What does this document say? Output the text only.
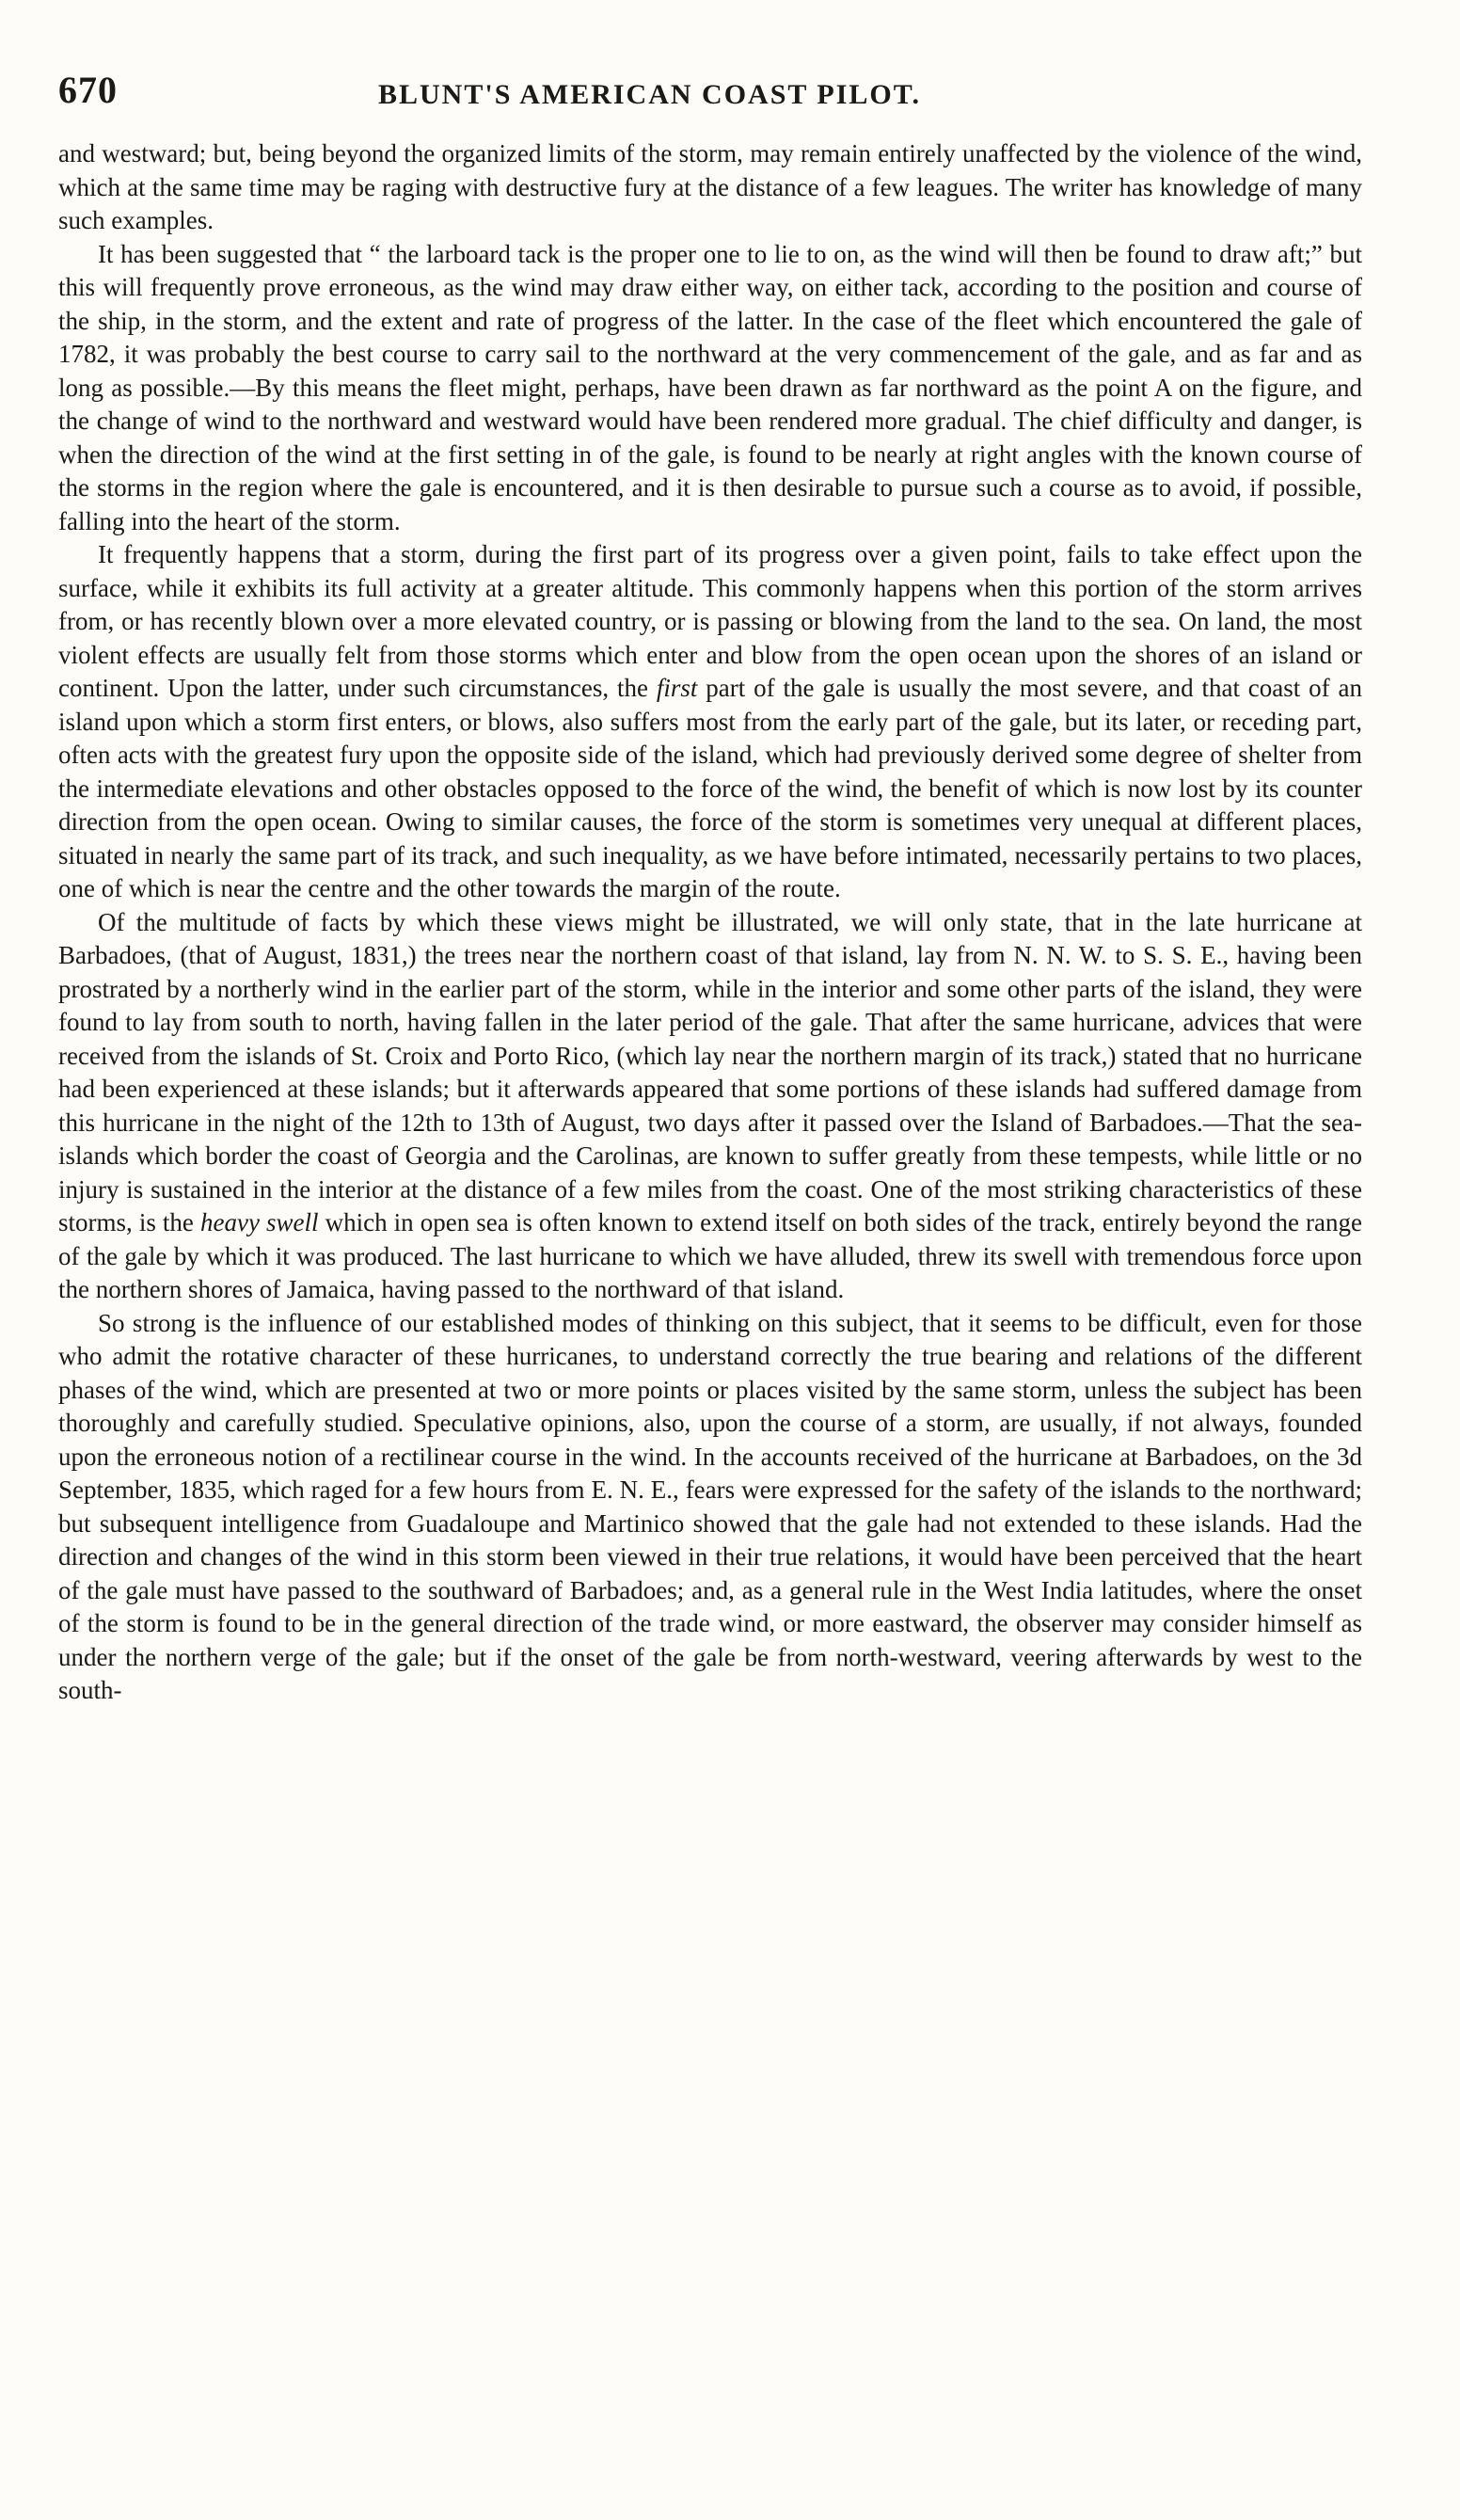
670	BLUNT'S AMERICAN COAST PILOT.

and westward; but, being beyond the organized limits of the storm, may remain entirely unaffected by the violence of the wind, which at the same time may be raging with destructive fury at the distance of a few leagues. The writer has knowledge of many such examples.

It has been suggested that “ the larboard tack is the proper one to lie to on, as the wind will then be found to draw aft;” but this will frequently prove erroneous, as the wind may draw either way, on either tack, according to the position and course of the ship, in the storm, and the extent and rate of progress of the latter. In the case of the fleet which encountered the gale of 1782, it was probably the best course to carry sail to the northward at the very commencement of the gale, and as far and as long as possible.—By this means the fleet might, perhaps, have been drawn as far northward as the point A on the figure, and the change of wind to the northward and westward would have been rendered more gradual. The chief difficulty and danger, is when the direction of the wind at the first setting in of the gale, is found to be nearly at right angles with the known course of the storms in the region where the gale is encountered, and it is then desirable to pursue such a course as to avoid, if possible, falling into the heart of the storm.

It frequently happens that a storm, during the first part of its progress over a given point, fails to take effect upon the surface, while it exhibits its full activity at a greater altitude. This commonly happens when this portion of the storm arrives from, or has recently blown over a more elevated country, or is passing or blowing from the land to the sea. On land, the most violent effects are usually felt from those storms which enter and blow from the open ocean upon the shores of an island or continent. Upon the latter, under such circumstances, the first part of the gale is usually the most severe, and that coast of an island upon which a storm first enters, or blows, also suffers most from the early part of the gale, but its later, or receding part, often acts with the greatest fury upon the opposite side of the island, which had previously derived some degree of shelter from the intermediate elevations and other obstacles opposed to the force of the wind, the benefit of which is now lost by its counter direction from the open ocean. Owing to similar causes, the force of the storm is sometimes very unequal at different places, situated in nearly the same part of its track, and such inequality, as we have before intimated, necessarily pertains to two places, one of which is near the centre and the other towards the margin of the route.

Of the multitude of facts by which these views might be illustrated, we will only state, that in the late hurricane at Barbadoes, (that of August, 1831,) the trees near the northern coast of that island, lay from N. N. W. to S. S. E., having been prostrated by a northerly wind in the earlier part of the storm, while in the interior and some other parts of the island, they were found to lay from south to north, having fallen in the later period of the gale. That after the same hurricane, advices that were received from the islands of St. Croix and Porto Rico, (which lay near the northern margin of its track,) stated that no hurricane had been experienced at these islands; but it afterwards appeared that some portions of these islands had suffered damage from this hurricane in the night of the 12th to 13th of August, two days after it passed over the Island of Barbadoes.—That the sea-islands which border the coast of Georgia and the Carolinas, are known to suffer greatly from these tempests, while little or no injury is sustained in the interior at the distance of a few miles from the coast. One of the most striking characteristics of these storms, is the heavy swell which in open sea is often known to extend itself on both sides of the track, entirely beyond the range of the gale by which it was produced. The last hurricane to which we have alluded, threw its swell with tremendous force upon the northern shores of Jamaica, having passed to the northward of that island.

So strong is the influence of our established modes of thinking on this subject, that it seems to be difficult, even for those who admit the rotative character of these hurricanes, to understand correctly the true bearing and relations of the different phases of the wind, which are presented at two or more points or places visited by the same storm, unless the subject has been thoroughly and carefully studied. Speculative opinions, also, upon the course of a storm, are usually, if not always, founded upon the erroneous notion of a rectilinear course in the wind. In the accounts received of the hurricane at Barbadoes, on the 3d September, 1835, which raged for a few hours from E. N. E., fears were expressed for the safety of the islands to the northward; but subsequent intelligence from Guadaloupe and Martinico showed that the gale had not extended to these islands. Had the direction and changes of the wind in this storm been viewed in their true relations, it would have been perceived that the heart of the gale must have passed to the southward of Barbadoes; and, as a general rule in the West India latitudes, where the onset of the storm is found to be in the general direction of the trade wind, or more eastward, the observer may consider himself as under the northern verge of the gale; but if the onset of the gale be from north-westward, veering afterwards by west to the south-
